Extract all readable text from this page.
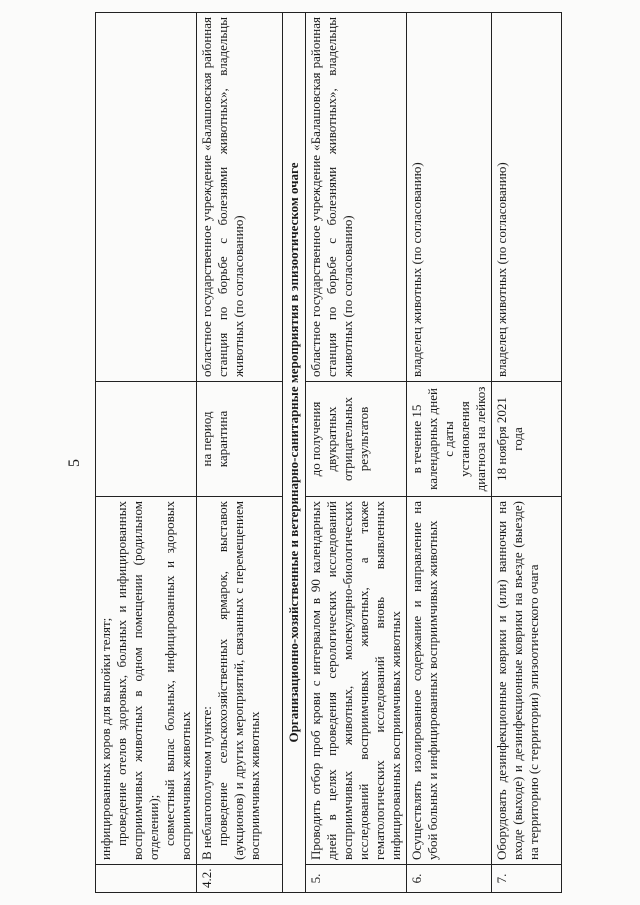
5

	инфицированных коров для выпойки телят; проведение отелов здоровых, больных и инфицированных восприимчивых животных в одном помещении (родильном отделении); совместный выпас больных, инфицированных и здоровых восприимчивых животных		

4.2.	В неблагополучном пункте: проведение сельскохозяйственных ярмарок, выставок (аукционов) и других мероприятий, связанных с перемещением восприимчивых животных	на период карантина	областное государственное учреждение «Балашовская районная станция по борьбе с болезнями животных», владельцы животных (по согласованию)
Организационно-хозяйственные и ветеринарно-санитарные мероприятия в эпизоотическом очаге			
5.	Проводить отбор проб крови с интервалом в 90 календарных дней в целях проведения серологических исследований восприимчивых животных, молекулярно-биологических исследований восприимчивых животных, а также гематологических исследований вновь выявленных инфицированных восприимчивых животных	до получения двукратных отрицательных результатов	областное государственное учреждение «Балашовская районная станция по борьбе с болезнями животных», владельцы животных (по согласованию)
6.	Осуществлять изолированное содержание и направление на убой больных и инфицированных восприимчивых животных	в течение 15 календарных дней с даты установления диагноза на лейкоз	владелец животных (по согласованию)
7.	Оборудовать дезинфекционные коврики и (или) ванночки на входе (выходе) и дезинфекционные коврики на въезде (выезде) на территорию (с территории) эпизоотического очага	18 ноября 2021 года	владелец животных (по согласованию)
